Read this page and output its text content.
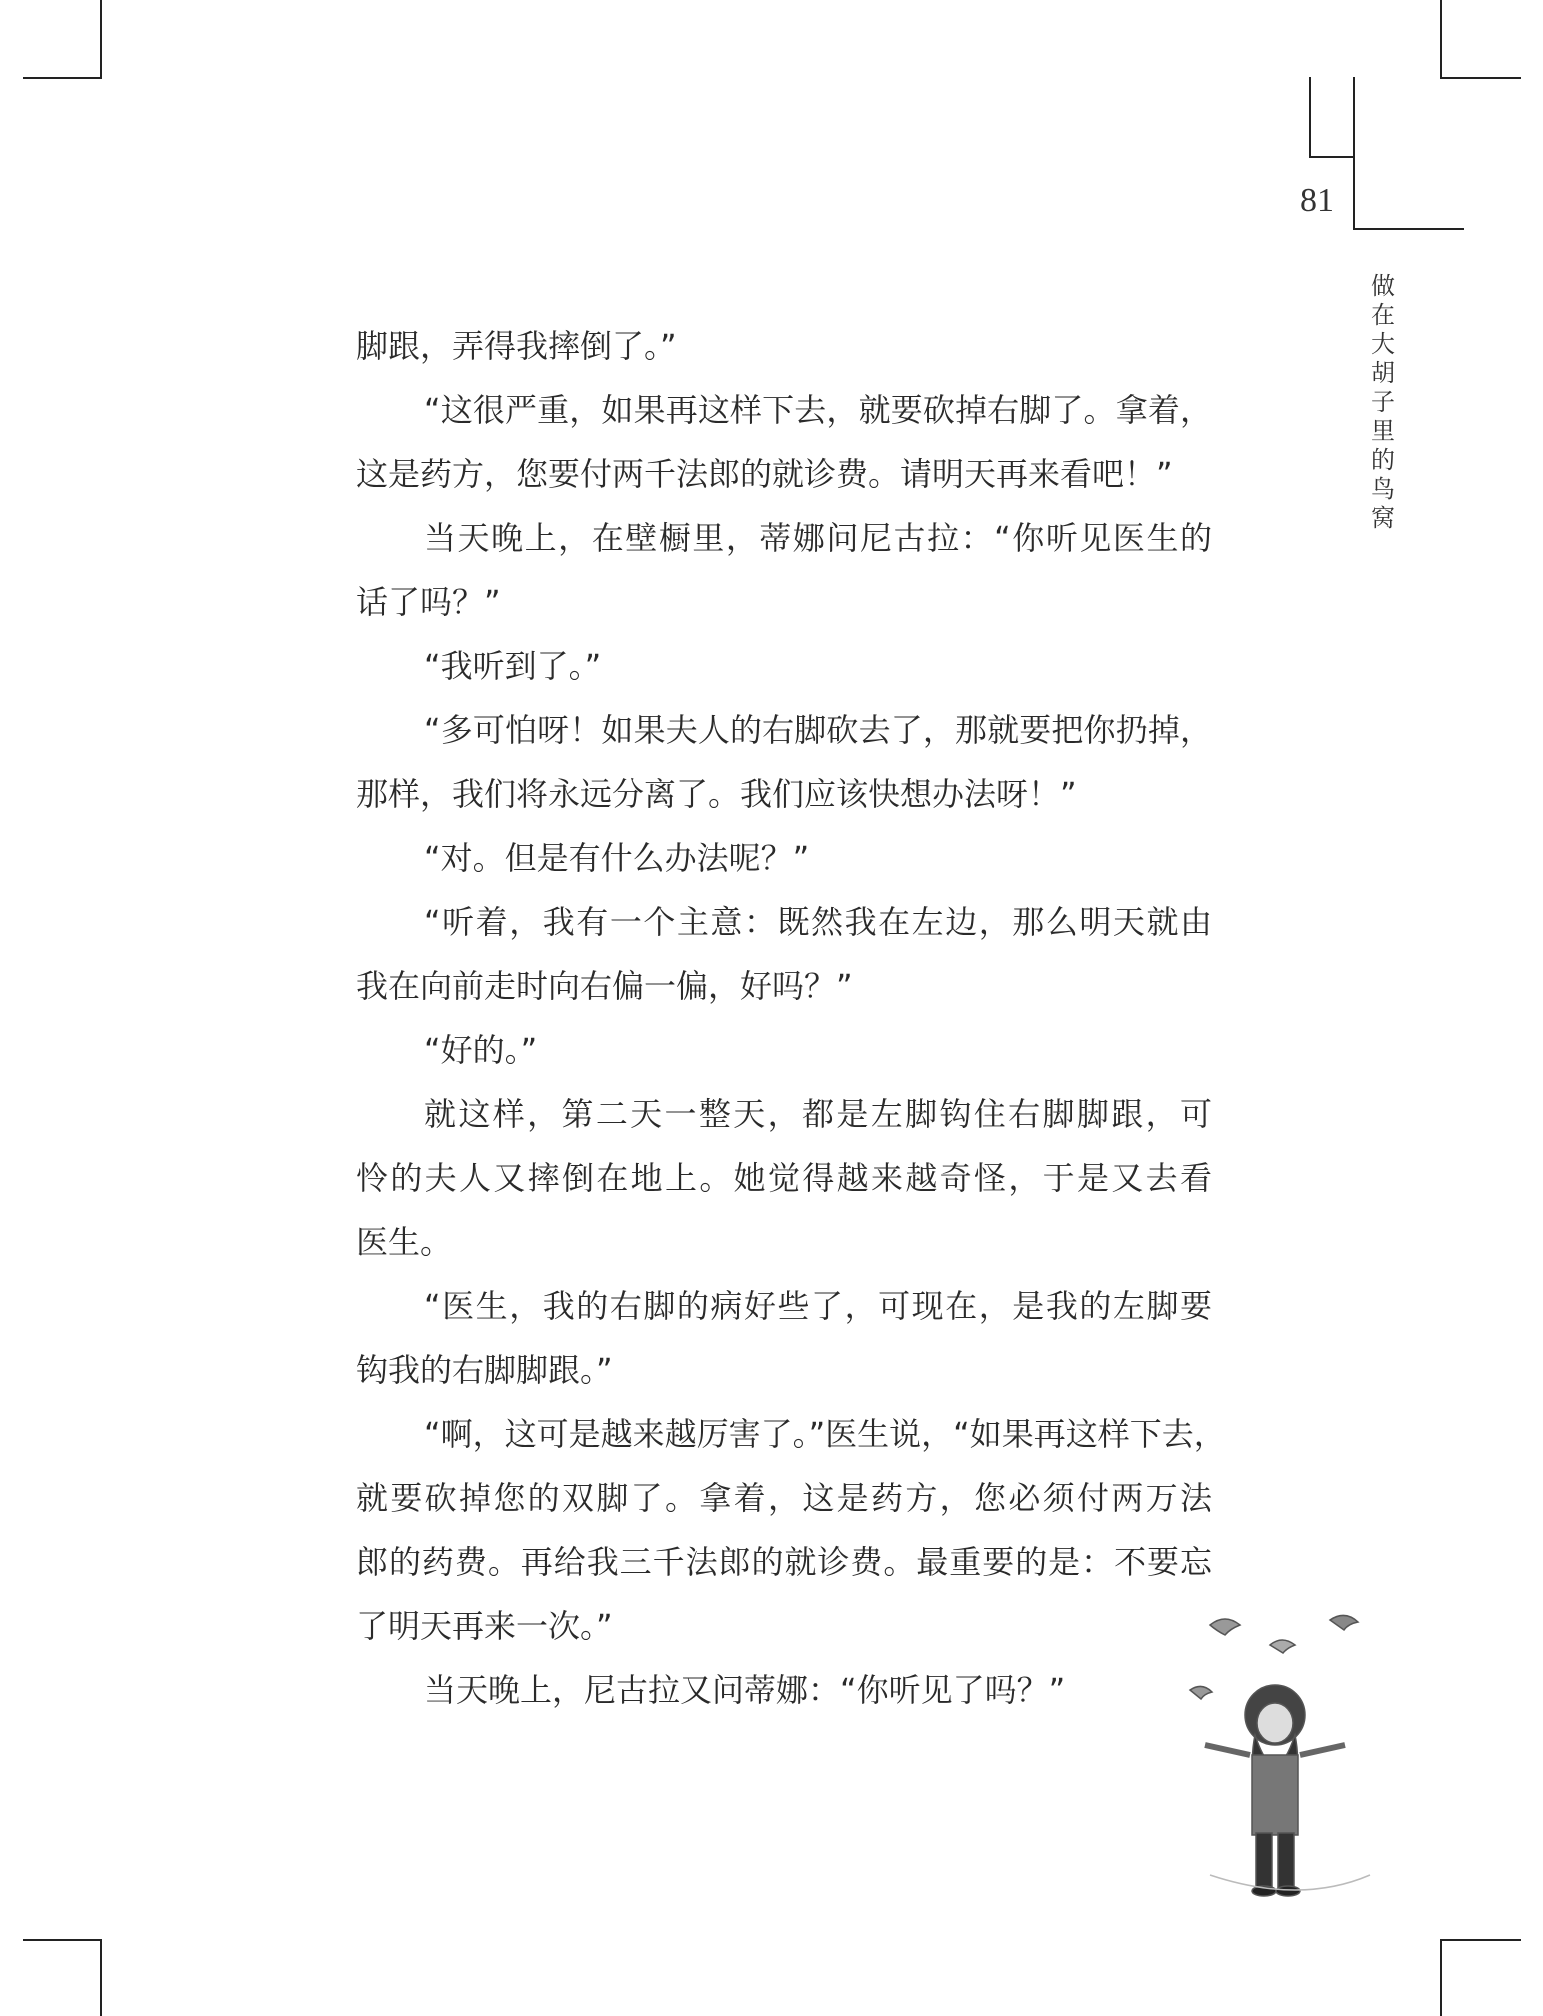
81
做在大胡子里的鸟窝
脚跟，弄得我摔倒了。”
“这很严重，如果再这样下去，就要砍掉右脚了。拿着，
这是药方，您要付两千法郎的就诊费。请明天再来看吧！”
当天晚上，在壁橱里，蒂娜问尼古拉：“你听见医生的
话了吗？”
“我听到了。”
“多可怕呀！如果夫人的右脚砍去了，那就要把你扔掉，
那样，我们将永远分离了。我们应该快想办法呀！”
“对。但是有什么办法呢？”
“听着，我有一个主意：既然我在左边，那么明天就由
我在向前走时向右偏一偏，好吗？”
“好的。”
就这样，第二天一整天，都是左脚钩住右脚脚跟，可
怜的夫人又摔倒在地上。她觉得越来越奇怪，于是又去看
医生。
“医生，我的右脚的病好些了，可现在，是我的左脚要
钩我的右脚脚跟。”
“啊，这可是越来越厉害了。”医生说，“如果再这样下去，
就要砍掉您的双脚了。拿着，这是药方，您必须付两万法
郎的药费。再给我三千法郎的就诊费。最重要的是：不要忘
了明天再来一次。”
当天晚上，尼古拉又问蒂娜：“你听见了吗？”
